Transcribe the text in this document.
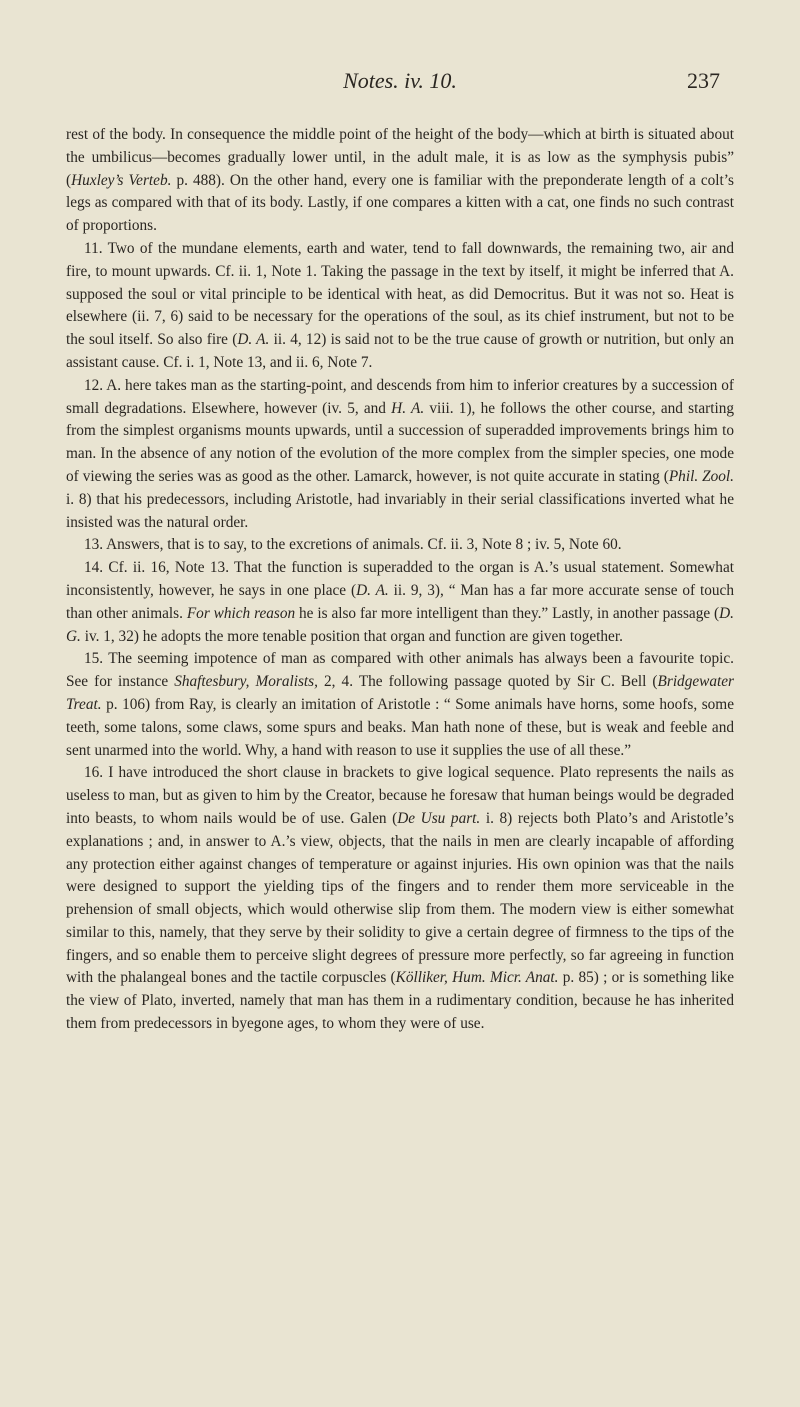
Notes. iv. 10.	237

rest of the body. In consequence the middle point of the height of the body—which at birth is situated about the umbilicus—becomes gradually lower until, in the adult male, it is as low as the symphysis pubis” (Huxley’s Verteb. p. 488). On the other hand, every one is familiar with the preponderate length of a colt’s legs as compared with that of its body. Lastly, if one compares a kitten with a cat, one finds no such contrast of proportions.

11. Two of the mundane elements, earth and water, tend to fall downwards, the remaining two, air and fire, to mount upwards. Cf. ii. 1, Note 1. Taking the passage in the text by itself, it might be inferred that A. supposed the soul or vital principle to be identical with heat, as did Democritus. But it was not so. Heat is elsewhere (ii. 7, 6) said to be necessary for the operations of the soul, as its chief instrument, but not to be the soul itself. So also fire (D. A. ii. 4, 12) is said not to be the true cause of growth or nutrition, but only an assistant cause. Cf. i. 1, Note 13, and ii. 6, Note 7.

12. A. here takes man as the starting-point, and descends from him to inferior creatures by a succession of small degradations. Elsewhere, however (iv. 5, and H. A. viii. 1), he follows the other course, and starting from the simplest organisms mounts upwards, until a succession of superadded improvements brings him to man. In the absence of any notion of the evolution of the more complex from the simpler species, one mode of viewing the series was as good as the other. Lamarck, however, is not quite accurate in stating (Phil. Zool. i. 8) that his predecessors, including Aristotle, had invariably in their serial classifications inverted what he insisted was the natural order.

13. Answers, that is to say, to the excretions of animals. Cf. ii. 3, Note 8 ; iv. 5, Note 60.

14. Cf. ii. 16, Note 13. That the function is superadded to the organ is A.’s usual statement. Somewhat inconsistently, however, he says in one place (D. A. ii. 9, 3), “ Man has a far more accurate sense of touch than other animals. For which reason he is also far more intelligent than they.” Lastly, in another passage (D. G. iv. 1, 32) he adopts the more tenable position that organ and function are given together.

15. The seeming impotence of man as compared with other animals has always been a favourite topic. See for instance Shaftesbury, Moralists, 2, 4. The following passage quoted by Sir C. Bell (Bridgewater Treat. p. 106) from Ray, is clearly an imitation of Aristotle : “ Some animals have horns, some hoofs, some teeth, some talons, some claws, some spurs and beaks. Man hath none of these, but is weak and feeble and sent unarmed into the world. Why, a hand with reason to use it supplies the use of all these.”

16. I have introduced the short clause in brackets to give logical sequence. Plato represents the nails as useless to man, but as given to him by the Creator, because he foresaw that human beings would be degraded into beasts, to whom nails would be of use. Galen (De Usu part. i. 8) rejects both Plato’s and Aristotle’s explanations ; and, in answer to A.’s view, objects, that the nails in men are clearly incapable of affording any protection either against changes of temperature or against injuries. His own opinion was that the nails were designed to support the yielding tips of the fingers and to render them more serviceable in the prehension of small objects, which would otherwise slip from them. The modern view is either somewhat similar to this, namely, that they serve by their solidity to give a certain degree of firmness to the tips of the fingers, and so enable them to perceive slight degrees of pressure more perfectly, so far agreeing in function with the phalangeal bones and the tactile corpuscles (Kölliker, Hum. Micr. Anat. p. 85) ; or is something like the view of Plato, inverted, namely that man has them in a rudimentary condition, because he has inherited them from predecessors in byegone ages, to whom they were of use.
